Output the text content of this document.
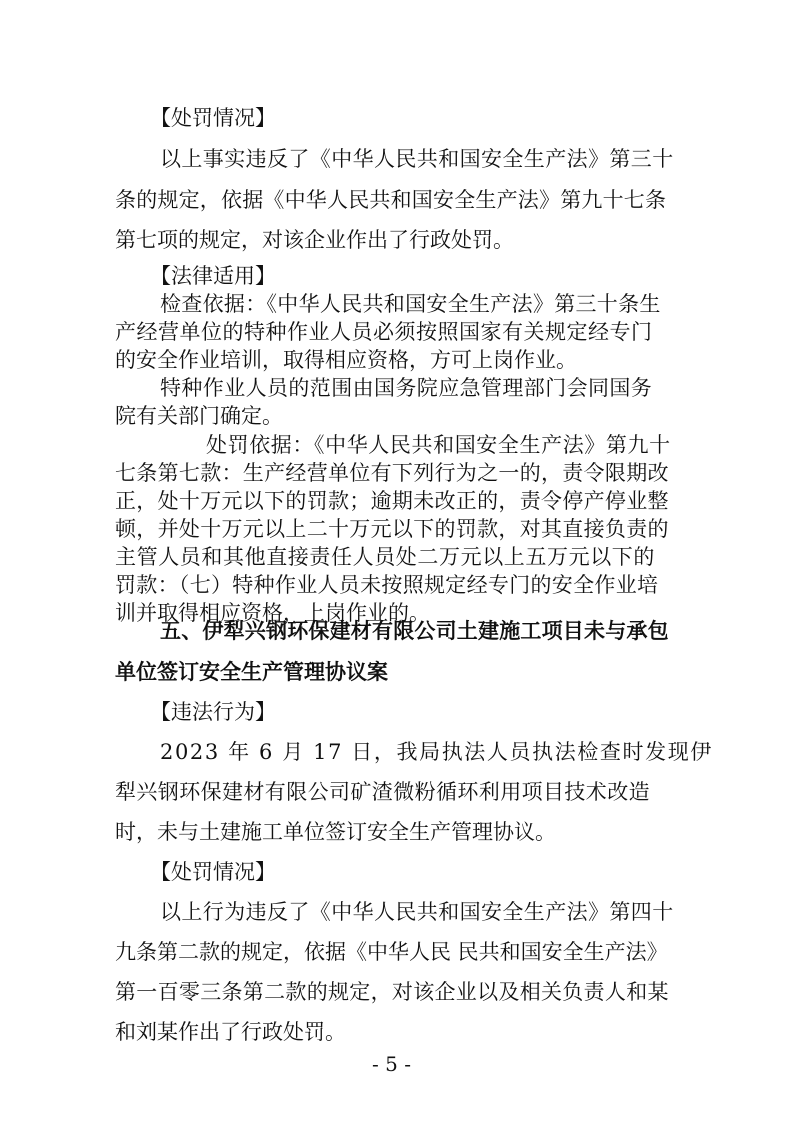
【处罚情况】

以上事实违反了《中华人民共和国安全生产法》第三十

条的规定，依据《中华人民共和国安全生产法》第九十七条

第七项的规定，对该企业作出了行政处罚。

【法律适用】

检查依据：《中华人民共和国安全生产法》第三十条生

产经营单位的特种作业人员必须按照国家有关规定经专门

的安全作业培训，取得相应资格，方可上岗作业。

特种作业人员的范围由国务院应急管理部门会同国务

院有关部门确定。

处罚依据：《中华人民共和国安全生产法》第九十

七条第七款：生产经营单位有下列行为之一的，责令限期改

正，处十万元以下的罚款；逾期未改正的，责令停产停业整

顿，并处十万元以上二十万元以下的罚款，对其直接负责的

主管人员和其他直接责任人员处二万元以上五万元以下的

罚款：（七）特种作业人员未按照规定经专门的安全作业培

训并取得相应资格，上岗作业的。

五、伊犁兴钢环保建材有限公司土建施工项目未与承包

单位签订安全生产管理协议案

【违法行为】

2023 年 6 月 17 日，我局执法人员执法检查时发现伊

犁兴钢环保建材有限公司矿渣微粉循环利用项目技术改造

时，未与土建施工单位签订安全生产管理协议。

【处罚情况】

以上行为违反了《中华人民共和国安全生产法》第四十

九条第二款的规定，依据《中华人民 民共和国安全生产法》

第一百零三条第二款的规定，对该企业以及相关负责人和某

和刘某作出了行政处罚。

- 5 -
